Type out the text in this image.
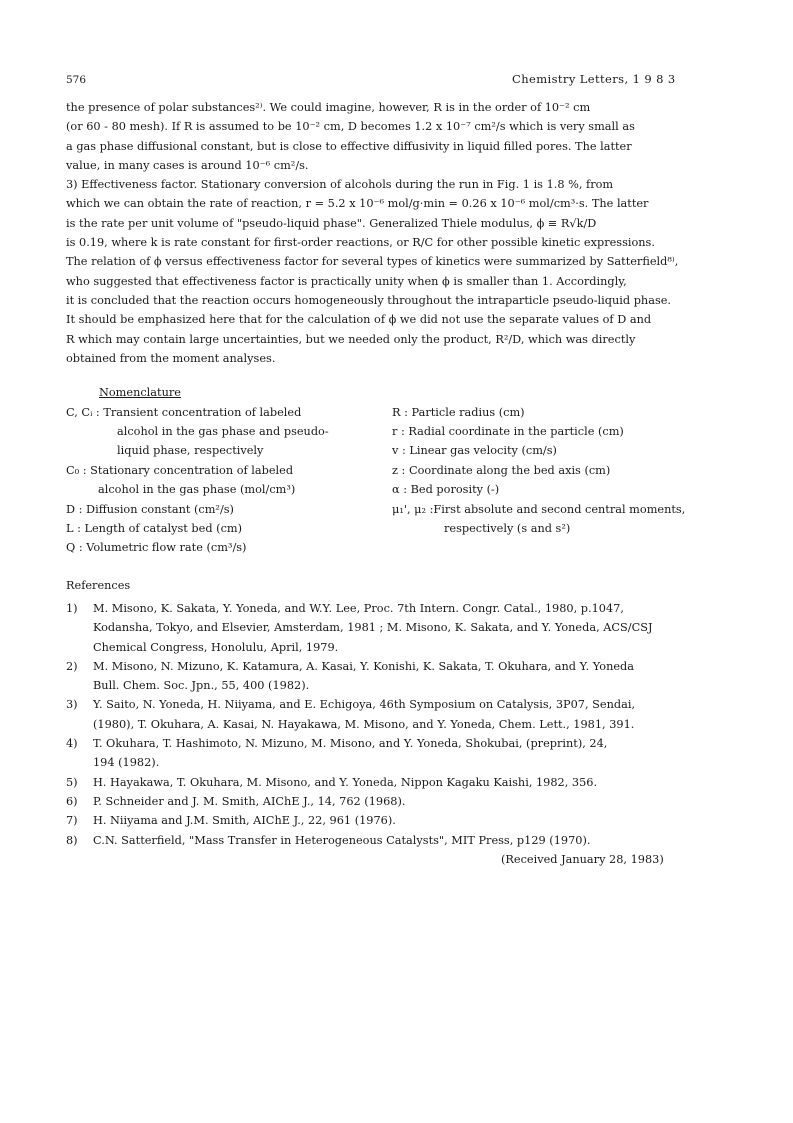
576	Chemistry Letters, 1 9 8 3
the presence of polar substances²⁾. We could imagine, however, R is in the order of 10⁻² cm
(or 60 - 80 mesh). If R is assumed to be 10⁻² cm, D becomes 1.2 x 10⁻⁷ cm²/s which is very small as
a gas phase diffusional constant, but is close to effective diffusivity in liquid filled pores. The latter
value, in many cases is around 10⁻⁶ cm²/s.
3) Effectiveness factor. Stationary conversion of alcohols during the run in Fig. 1 is 1.8 %, from
which we can obtain the rate of reaction, r = 5.2 x 10⁻⁶ mol/g·min = 0.26 x 10⁻⁶ mol/cm³·s. The latter
is the rate per unit volume of "pseudo-liquid phase". Generalized Thiele modulus, ϕ ≡ R√k/D
is 0.19, where k is rate constant for first-order reactions, or R/C for other possible kinetic expressions.
The relation of ϕ versus effectiveness factor for several types of kinetics were summarized by Satterfield⁸⁾,
who suggested that effectiveness factor is practically unity when ϕ is smaller than 1. Accordingly,
it is concluded that the reaction occurs homogeneously throughout the intraparticle pseudo-liquid phase.
It should be emphasized here that for the calculation of ϕ we did not use the separate values of D and
R which may contain large uncertainties, but we needed only the product, R²/D, which was directly
obtained from the moment analyses.
Nomenclature
C, Cᵢ : Transient concentration of labeled
alcohol in the gas phase and pseudo-
liquid phase, respectively
C₀ : Stationary concentration of labeled
alcohol in the gas phase (mol/cm³)
D : Diffusion constant (cm²/s)
L : Length of catalyst bed (cm)
Q : Volumetric flow rate (cm³/s)
R : Particle radius (cm)
r : Radial coordinate in the particle (cm)
v : Linear gas velocity (cm/s)
z : Coordinate along the bed axis (cm)
α : Bed porosity (-)
μ₁', μ₂ :First absolute and second central moments,
respectively (s and s²)
References
1)	M. Misono, K. Sakata, Y. Yoneda, and W.Y. Lee, Proc. 7th Intern. Congr. Catal., 1980, p.1047,
Kodansha, Tokyo, and Elsevier, Amsterdam, 1981 ; M. Misono, K. Sakata, and Y. Yoneda, ACS/CSJ
Chemical Congress, Honolulu, April, 1979.
2)	M. Misono, N. Mizuno, K. Katamura, A. Kasai, Y. Konishi, K. Sakata, T. Okuhara, and Y. Yoneda
Bull. Chem. Soc. Jpn., 55, 400 (1982).
3)	Y. Saito, N. Yoneda, H. Niiyama, and E. Echigoya, 46th Symposium on Catalysis, 3P07, Sendai,
(1980), T. Okuhara, A. Kasai, N. Hayakawa, M. Misono, and Y. Yoneda, Chem. Lett., 1981, 391.
4)	T. Okuhara, T. Hashimoto, N. Mizuno, M. Misono, and Y. Yoneda, Shokubai, (preprint), 24,
194 (1982).
5)	H. Hayakawa, T. Okuhara, M. Misono, and Y. Yoneda, Nippon Kagaku Kaishi, 1982, 356.
6)	P. Schneider and J. M. Smith, AIChE J., 14, 762 (1968).
7)	H. Niiyama and J.M. Smith, AIChE J., 22, 961 (1976).
8)	C.N. Satterfield, "Mass Transfer in Heterogeneous Catalysts", MIT Press, p129 (1970).
(Received January 28, 1983)
